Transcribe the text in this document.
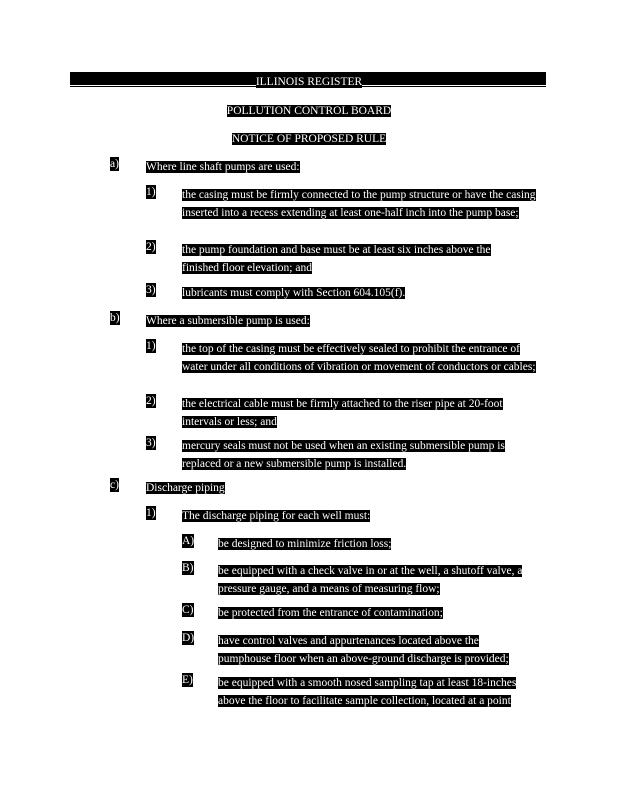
ILLINOIS REGISTER
POLLUTION CONTROL BOARD
NOTICE OF PROPOSED RULE
a) Where line shaft pumps are used:
1) the casing must be firmly connected to the pump structure or have the casing inserted into a recess extending at least one-half inch into the pump base;
2) the pump foundation and base must be at least six inches above the finished floor elevation; and
3) lubricants must comply with Section 604.105(f).
b) Where a submersible pump is used:
1) the top of the casing must be effectively sealed to prohibit the entrance of water under all conditions of vibration or movement of conductors or cables;
2) the electrical cable must be firmly attached to the riser pipe at 20-foot intervals or less; and
3) mercury seals must not be used when an existing submersible pump is replaced or a new submersible pump is installed.
c) Discharge piping
1) The discharge piping for each well must:
A) be designed to minimize friction loss;
B) be equipped with a check valve in or at the well, a shutoff valve, a pressure gauge, and a means of measuring flow;
C) be protected from the entrance of contamination;
D) have control valves and appurtenances located above the pumphouse floor when an above-ground discharge is provided;
E) be equipped with a smooth nosed sampling tap at least 18-inches above the floor to facilitate sample collection, located at a point
